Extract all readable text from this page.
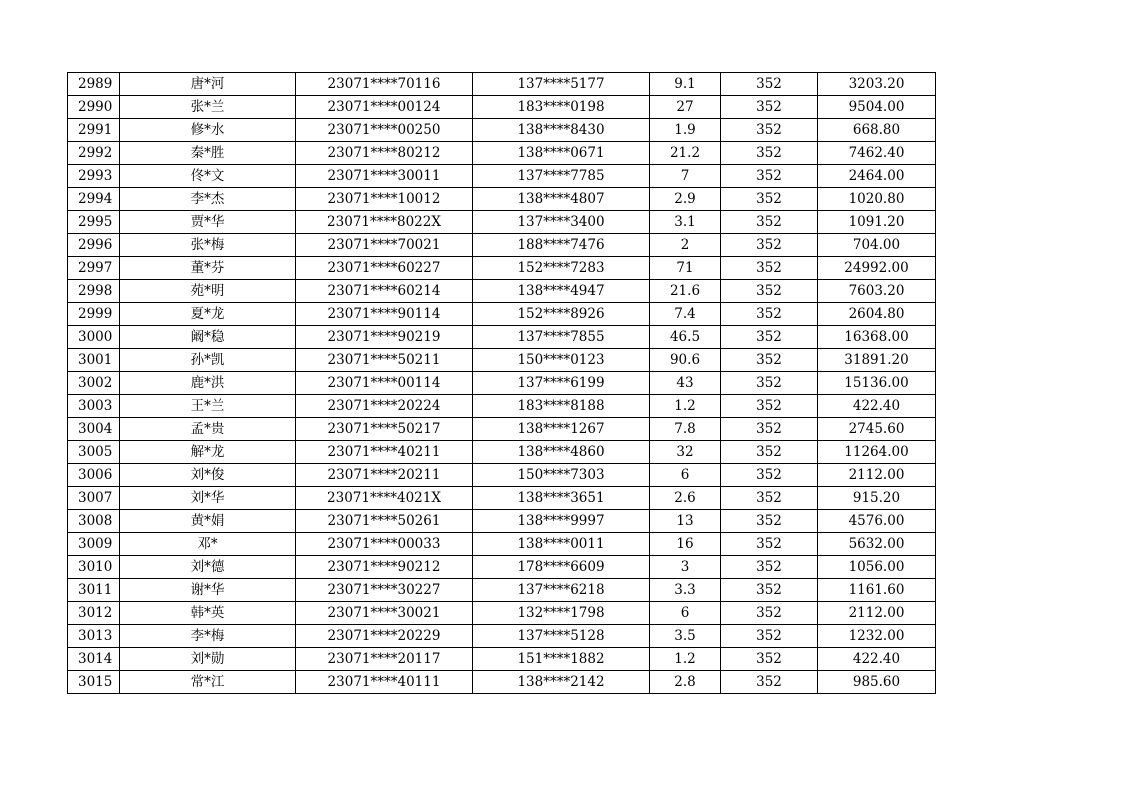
2989	唐*河	23071****70116	137****5177	9.1	352	3203.20
2990	张*兰	23071****00124	183****0198	27	352	9504.00
2991	修*水	23071****00250	138****8430	1.9	352	668.80
2992	秦*胜	23071****80212	138****0671	21.2	352	7462.40
2993	佟*文	23071****30011	137****7785	7	352	2464.00
2994	李*杰	23071****10012	138****4807	2.9	352	1020.80
2995	贾*华	23071****8022X	137****3400	3.1	352	1091.20
2996	张*梅	23071****70021	188****7476	2	352	704.00
2997	董*芬	23071****60227	152****7283	71	352	24992.00
2998	苑*明	23071****60214	138****4947	21.6	352	7603.20
2999	夏*龙	23071****90114	152****8926	7.4	352	2604.80
3000	阚*稳	23071****90219	137****7855	46.5	352	16368.00
3001	孙*凯	23071****50211	150****0123	90.6	352	31891.20
3002	鹿*洪	23071****00114	137****6199	43	352	15136.00
3003	王*兰	23071****20224	183****8188	1.2	352	422.40
3004	孟*贵	23071****50217	138****1267	7.8	352	2745.60
3005	解*龙	23071****40211	138****4860	32	352	11264.00
3006	刘*俊	23071****20211	150****7303	6	352	2112.00
3007	刘*华	23071****4021X	138****3651	2.6	352	915.20
3008	黄*娟	23071****50261	138****9997	13	352	4576.00
3009	邓*	23071****00033	138****0011	16	352	5632.00
3010	刘*德	23071****90212	178****6609	3	352	1056.00
3011	谢*华	23071****30227	137****6218	3.3	352	1161.60
3012	韩*英	23071****30021	132****1798	6	352	2112.00
3013	李*梅	23071****20229	137****5128	3.5	352	1232.00
3014	刘*勋	23071****20117	151****1882	1.2	352	422.40
3015	常*江	23071****40111	138****2142	2.8	352	985.60
